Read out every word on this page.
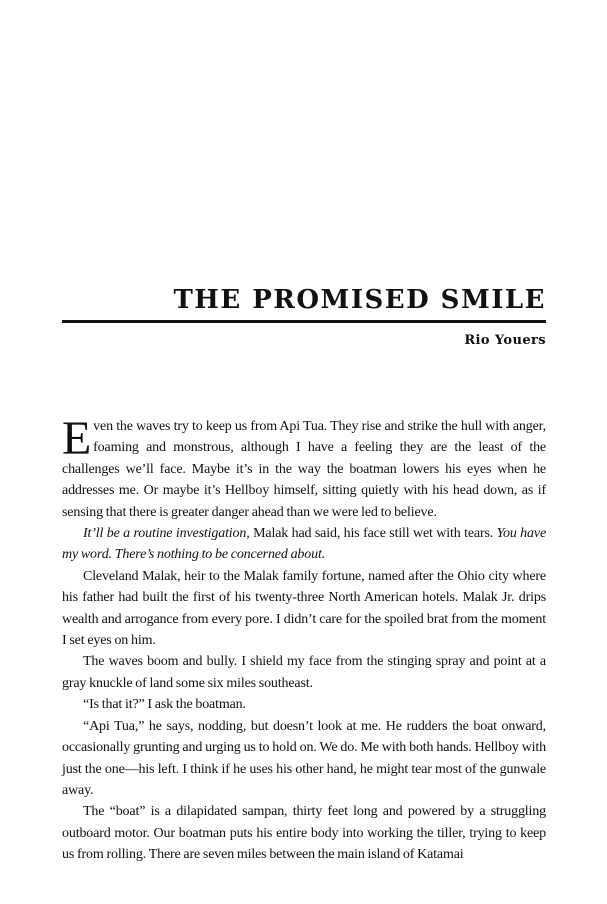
THE PROMISED SMILE
Rio Youers

Even the waves try to keep us from Api Tua. They rise and strike the hull with anger, foaming and monstrous, although I have a feeling they are the least of the challenges we’ll face. Maybe it’s in the way the boatman lowers his eyes when he addresses me. Or maybe it’s Hellboy himself, sitting quietly with his head down, as if sensing that there is greater danger ahead than we were led to believe.

It’ll be a routine investigation, Malak had said, his face still wet with tears. You have my word. There’s nothing to be concerned about.

Cleveland Malak, heir to the Malak family fortune, named after the Ohio city where his father had built the first of his twenty-three North American hotels. Malak Jr. drips wealth and arrogance from every pore. I didn’t care for the spoiled brat from the moment I set eyes on him.

The waves boom and bully. I shield my face from the stinging spray and point at a gray knuckle of land some six miles southeast.

“Is that it?” I ask the boatman.

“Api Tua,” he says, nodding, but doesn’t look at me. He rudders the boat onward, occasionally grunting and urging us to hold on. We do. Me with both hands. Hellboy with just the one—his left. I think if he uses his other hand, he might tear most of the gunwale away.

The “boat” is a dilapidated sampan, thirty feet long and powered by a struggling outboard motor. Our boatman puts his entire body into working the tiller, trying to keep us from rolling. There are seven miles between the main island of Katamai
